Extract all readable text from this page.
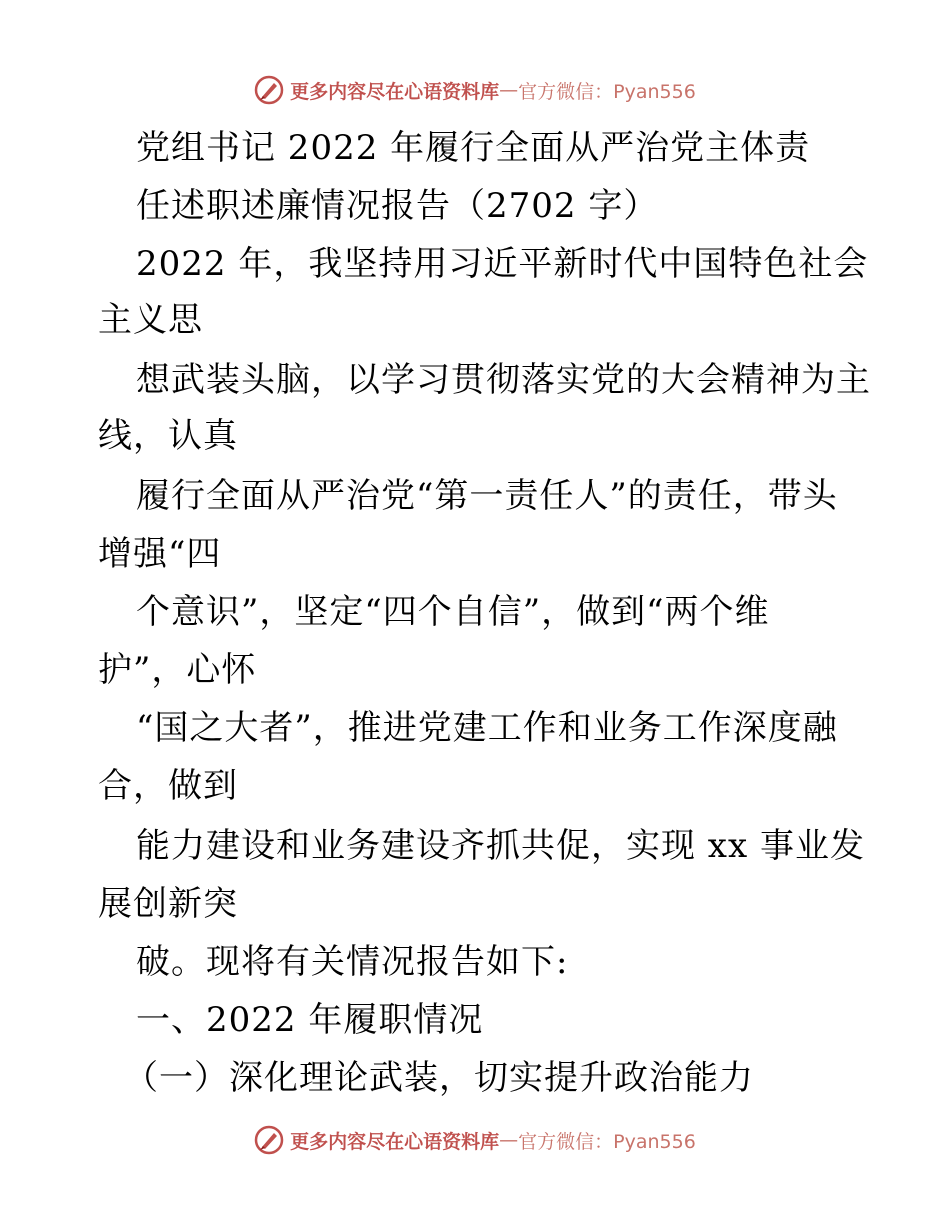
更多内容尽在心语资料库 — 官方微信：Pyan556
党组书记 2022 年履行全面从严治党主体责
任述职述廉情况报告（2702 字）
2022 年，我坚持用习近平新时代中国特色社会
主义思
想武装头脑，以学习贯彻落实党的大会精神为主
线，认真
履行全面从严治党“第一责任人”的责任，带头
增强“四
个意识”，坚定“四个自信”，做到“两个维
护”，心怀
“国之大者”，推进党建工作和业务工作深度融
合，做到
能力建设和业务建设齐抓共促，实现 xx 事业发
展创新突
破。现将有关情况报告如下:
一、2022 年履职情况
（一）深化理论武装，切实提升政治能力
更多内容尽在心语资料库 — 官方微信：Pyan556
